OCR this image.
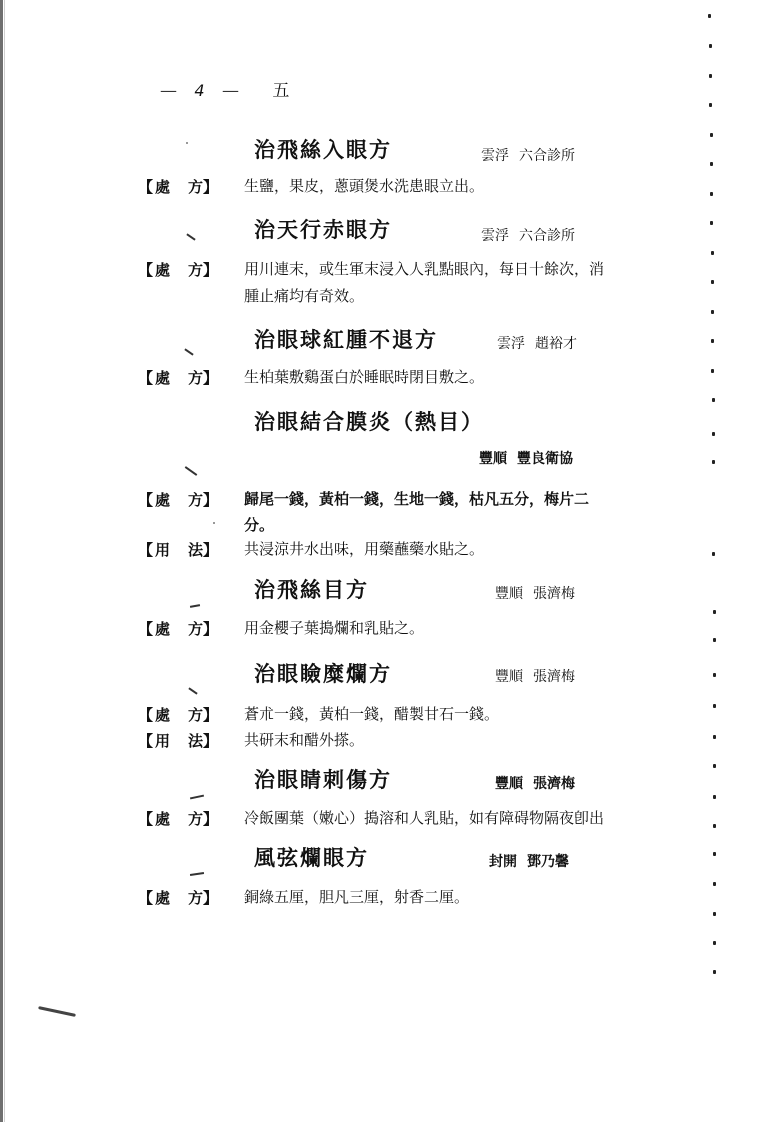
— 4 — 五
治飛絲入眼方	雲浮 六合診所
【 處 方】 生鹽，果皮，蔥頭煲水洗患眼立出。
治天行赤眼方	雲浮 六合診所
【 處 方】 用川連末，或生軍末浸入人乳點眼內，每日十餘次，消
腫止痛均有奇效。
治眼球紅腫不退方	雲浮 趙裕才
【 處 方】 生柏葉敷鷄蛋白於睡眠時閉目敷之。
治眼結合膜炎（熱目）
豐順 豐良衛協
【 處 方】 歸尾一錢，黃柏一錢，生地一錢，枯凡五分，梅片二
分。
【 用 法】 共浸涼井水出味，用藥蘸藥水貼之。
治飛絲目方	豐順 張濟梅
【 處 方】 用金櫻子葉搗爛和乳貼之。
治眼瞼糜爛方	豐順 張濟梅
【 處 方】 蒼朮一錢，黃柏一錢，醋製甘石一錢。
【 用 法】 共研末和醋外搽。
治眼睛刺傷方	豐順 張濟梅
【 處 方】 冷飯團葉（嫩心）搗溶和人乳貼，如有障碍物隔夜卽出
風弦爛眼方	封開 鄧乃馨
【 處 方】 銅綠五厘，胆凡三厘，射香二厘。
